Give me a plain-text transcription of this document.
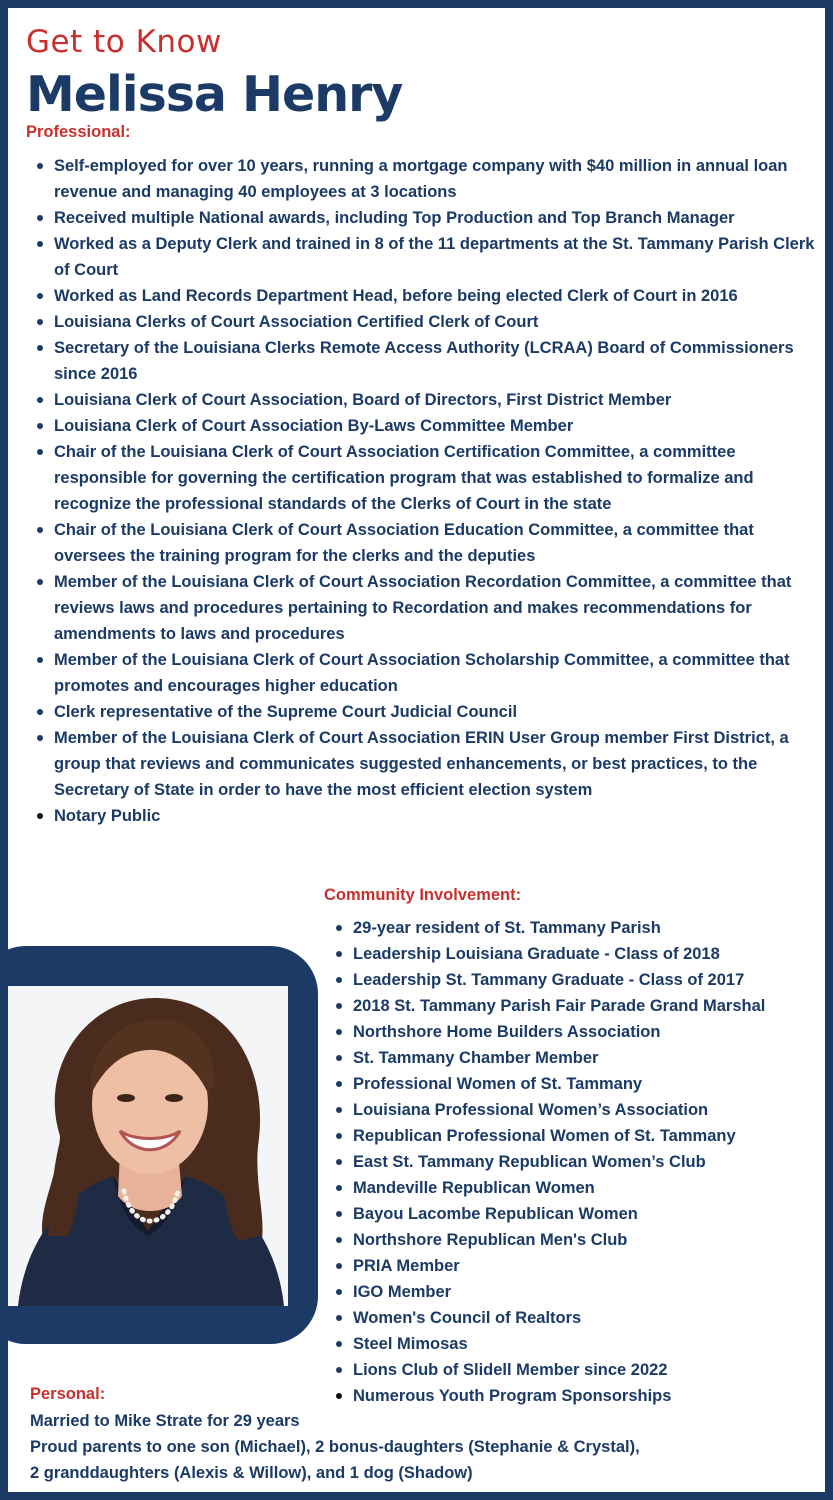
Get to Know
Melissa Henry
Professional:
Self-employed for over 10 years, running a mortgage company with $40 million in annual loan revenue and managing 40 employees at 3 locations
Received multiple National awards, including Top Production and Top Branch Manager
Worked as a Deputy Clerk and trained in 8 of the 11 departments at the St. Tammany Parish Clerk of Court
Worked as Land Records Department Head, before being elected Clerk of Court in 2016
Louisiana Clerks of Court Association Certified Clerk of Court
Secretary of the Louisiana Clerks Remote Access Authority (LCRAA) Board of Commissioners since 2016
Louisiana Clerk of Court Association, Board of Directors, First District Member
Louisiana Clerk of Court Association By-Laws Committee Member
Chair of the Louisiana Clerk of Court Association Certification Committee, a committee responsible for governing the certification program that was established to formalize and recognize the professional standards of the Clerks of Court in the state
Chair of the Louisiana Clerk of Court Association Education Committee, a committee that oversees the training program for the clerks and the deputies
Member of the Louisiana Clerk of Court Association Recordation Committee, a committee that reviews laws and procedures pertaining to Recordation and makes recommendations for amendments to laws and procedures
Member of the Louisiana Clerk of Court Association Scholarship Committee, a committee that promotes and encourages higher education
Clerk representative of the Supreme Court Judicial Council
Member of the Louisiana Clerk of Court Association ERIN User Group member First District, a group that reviews and communicates suggested enhancements, or best practices, to the Secretary of State in order to have the most efficient election system
Notary Public
Community Involvement:
29-year resident of St. Tammany Parish
Leadership Louisiana Graduate - Class of 2018
Leadership St. Tammany Graduate - Class of 2017
2018 St. Tammany Parish Fair Parade Grand Marshal
Northshore Home Builders Association
St. Tammany Chamber Member
Professional Women of St. Tammany
Louisiana Professional Women’s Association
Republican Professional Women of St. Tammany
East St. Tammany Republican Women’s Club
Mandeville Republican Women
Bayou Lacombe Republican Women
Northshore Republican Men's Club
PRIA Member
IGO Member
Women's Council of Realtors
Steel Mimosas
Lions Club of Slidell Member since 2022
Numerous Youth Program Sponsorships
Personal:
Married to Mike Strate for 29 years
Proud parents to one son (Michael), 2 bonus-daughters (Stephanie & Crystal),
2 granddaughters (Alexis & Willow), and 1 dog (Shadow)
